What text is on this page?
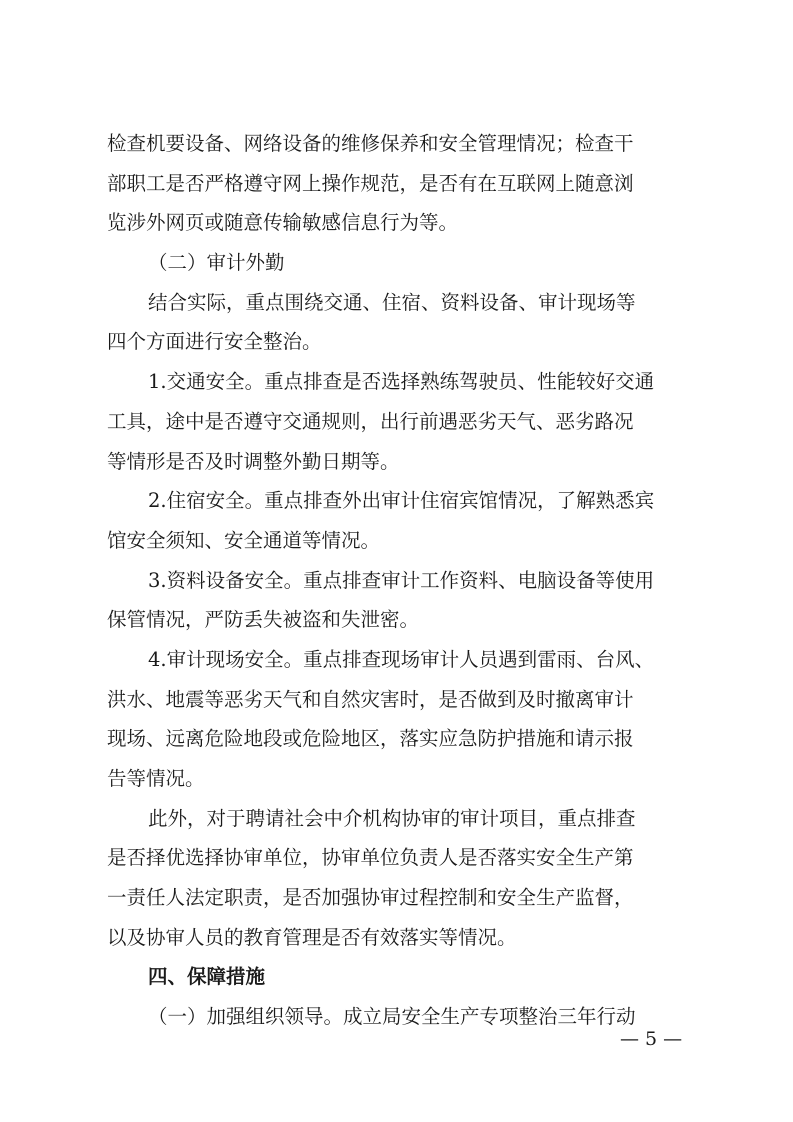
检查机要设备、网络设备的维修保养和安全管理情况；检查干
部职工是否严格遵守网上操作规范，是否有在互联网上随意浏
览涉外网页或随意传输敏感信息行为等。
（二）审计外勤
结合实际，重点围绕交通、住宿、资料设备、审计现场等
四个方面进行安全整治。
1.交通安全。重点排查是否选择熟练驾驶员、性能较好交通
工具，途中是否遵守交通规则，出行前遇恶劣天气、恶劣路况
等情形是否及时调整外勤日期等。
2.住宿安全。重点排查外出审计住宿宾馆情况，了解熟悉宾
馆安全须知、安全通道等情况。
3.资料设备安全。重点排查审计工作资料、电脑设备等使用
保管情况，严防丢失被盗和失泄密。
4.审计现场安全。重点排查现场审计人员遇到雷雨、台风、
洪水、地震等恶劣天气和自然灾害时，是否做到及时撤离审计
现场、远离危险地段或危险地区，落实应急防护措施和请示报
告等情况。
此外，对于聘请社会中介机构协审的审计项目，重点排查
是否择优选择协审单位，协审单位负责人是否落实安全生产第
一责任人法定职责，是否加强协审过程控制和安全生产监督，
以及协审人员的教育管理是否有效落实等情况。
四、保障措施
（一）加强组织领导。成立局安全生产专项整治三年行动
— 5 —
